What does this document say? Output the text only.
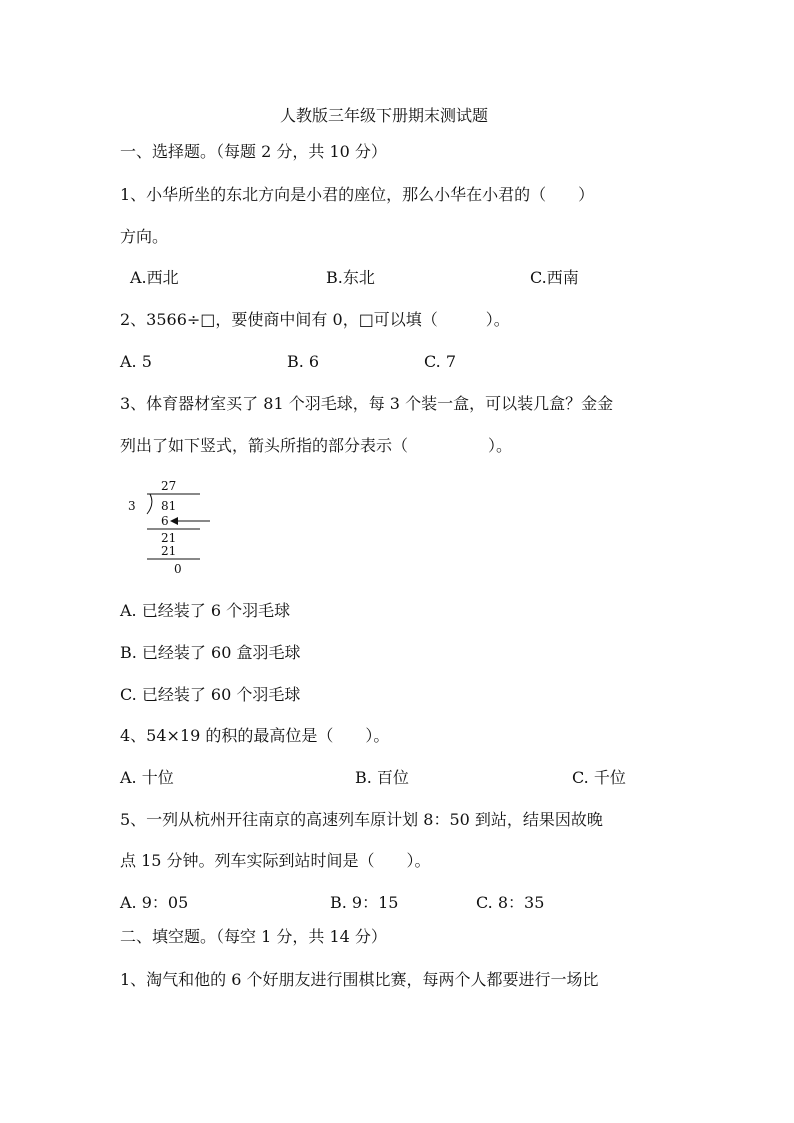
人教版三年级下册期末测试题
一、选择题。（每题 2 分，共 10 分）
1、小华所坐的东北方向是小君的座位，那么小华在小君的（　　）
方向。
A.西北	B.东北	C.西南
2、3566÷□，要使商中间有 0，□可以填（　　　）。
A. 5	B. 6	C. 7
3、体育器材室买了 81 个羽毛球，每 3 个装一盒，可以装几盒？金金
列出了如下竖式，箭头所指的部分表示（　　　　　）。
27
3 81
6
21
21
0
A. 已经装了 6 个羽毛球
B. 已经装了 60 盒羽毛球
C. 已经装了 60 个羽毛球
4、54×19 的积的最高位是（　　）。
A. 十位	B. 百位	C. 千位
5、一列从杭州开往南京的高速列车原计划 8：50 到站，结果因故晚
点 15 分钟。列车实际到站时间是（　　）。
A. 9：05	B. 9：15	C. 8：35
二、填空题。（每空 1 分，共 14 分）
1、淘气和他的 6 个好朋友进行围棋比赛，每两个人都要进行一场比
